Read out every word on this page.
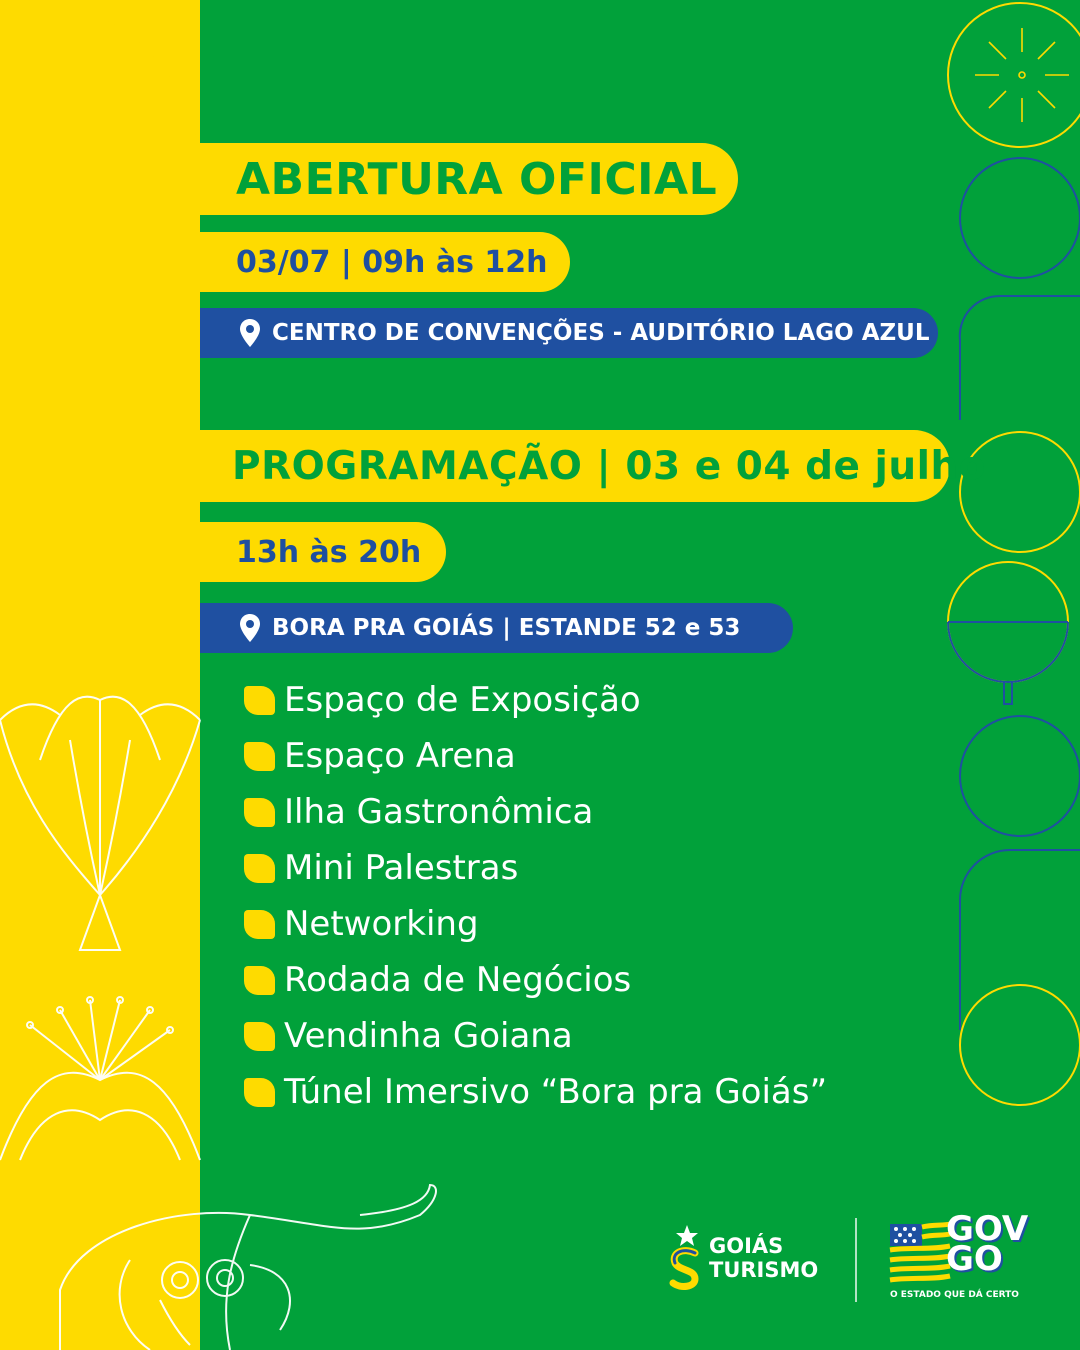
ABERTURA OFICIAL
03/07 | 09h às 12h
CENTRO DE CONVENÇÕES - AUDITÓRIO LAGO AZUL
PROGRAMAÇÃO | 03 e 04 de julho
13h às 20h
BORA PRA GOIÁS | ESTANDE 52 e 53
Espaço de Exposição
Espaço Arena
Ilha Gastronômica
Mini Palestras
Networking
Rodada de Negócios
Vendinha Goiana
Túnel Imersivo “Bora pra Goiás”
GOIÁS
TURISMO
GOV
GO
O ESTADO QUE DÁ CERTO
